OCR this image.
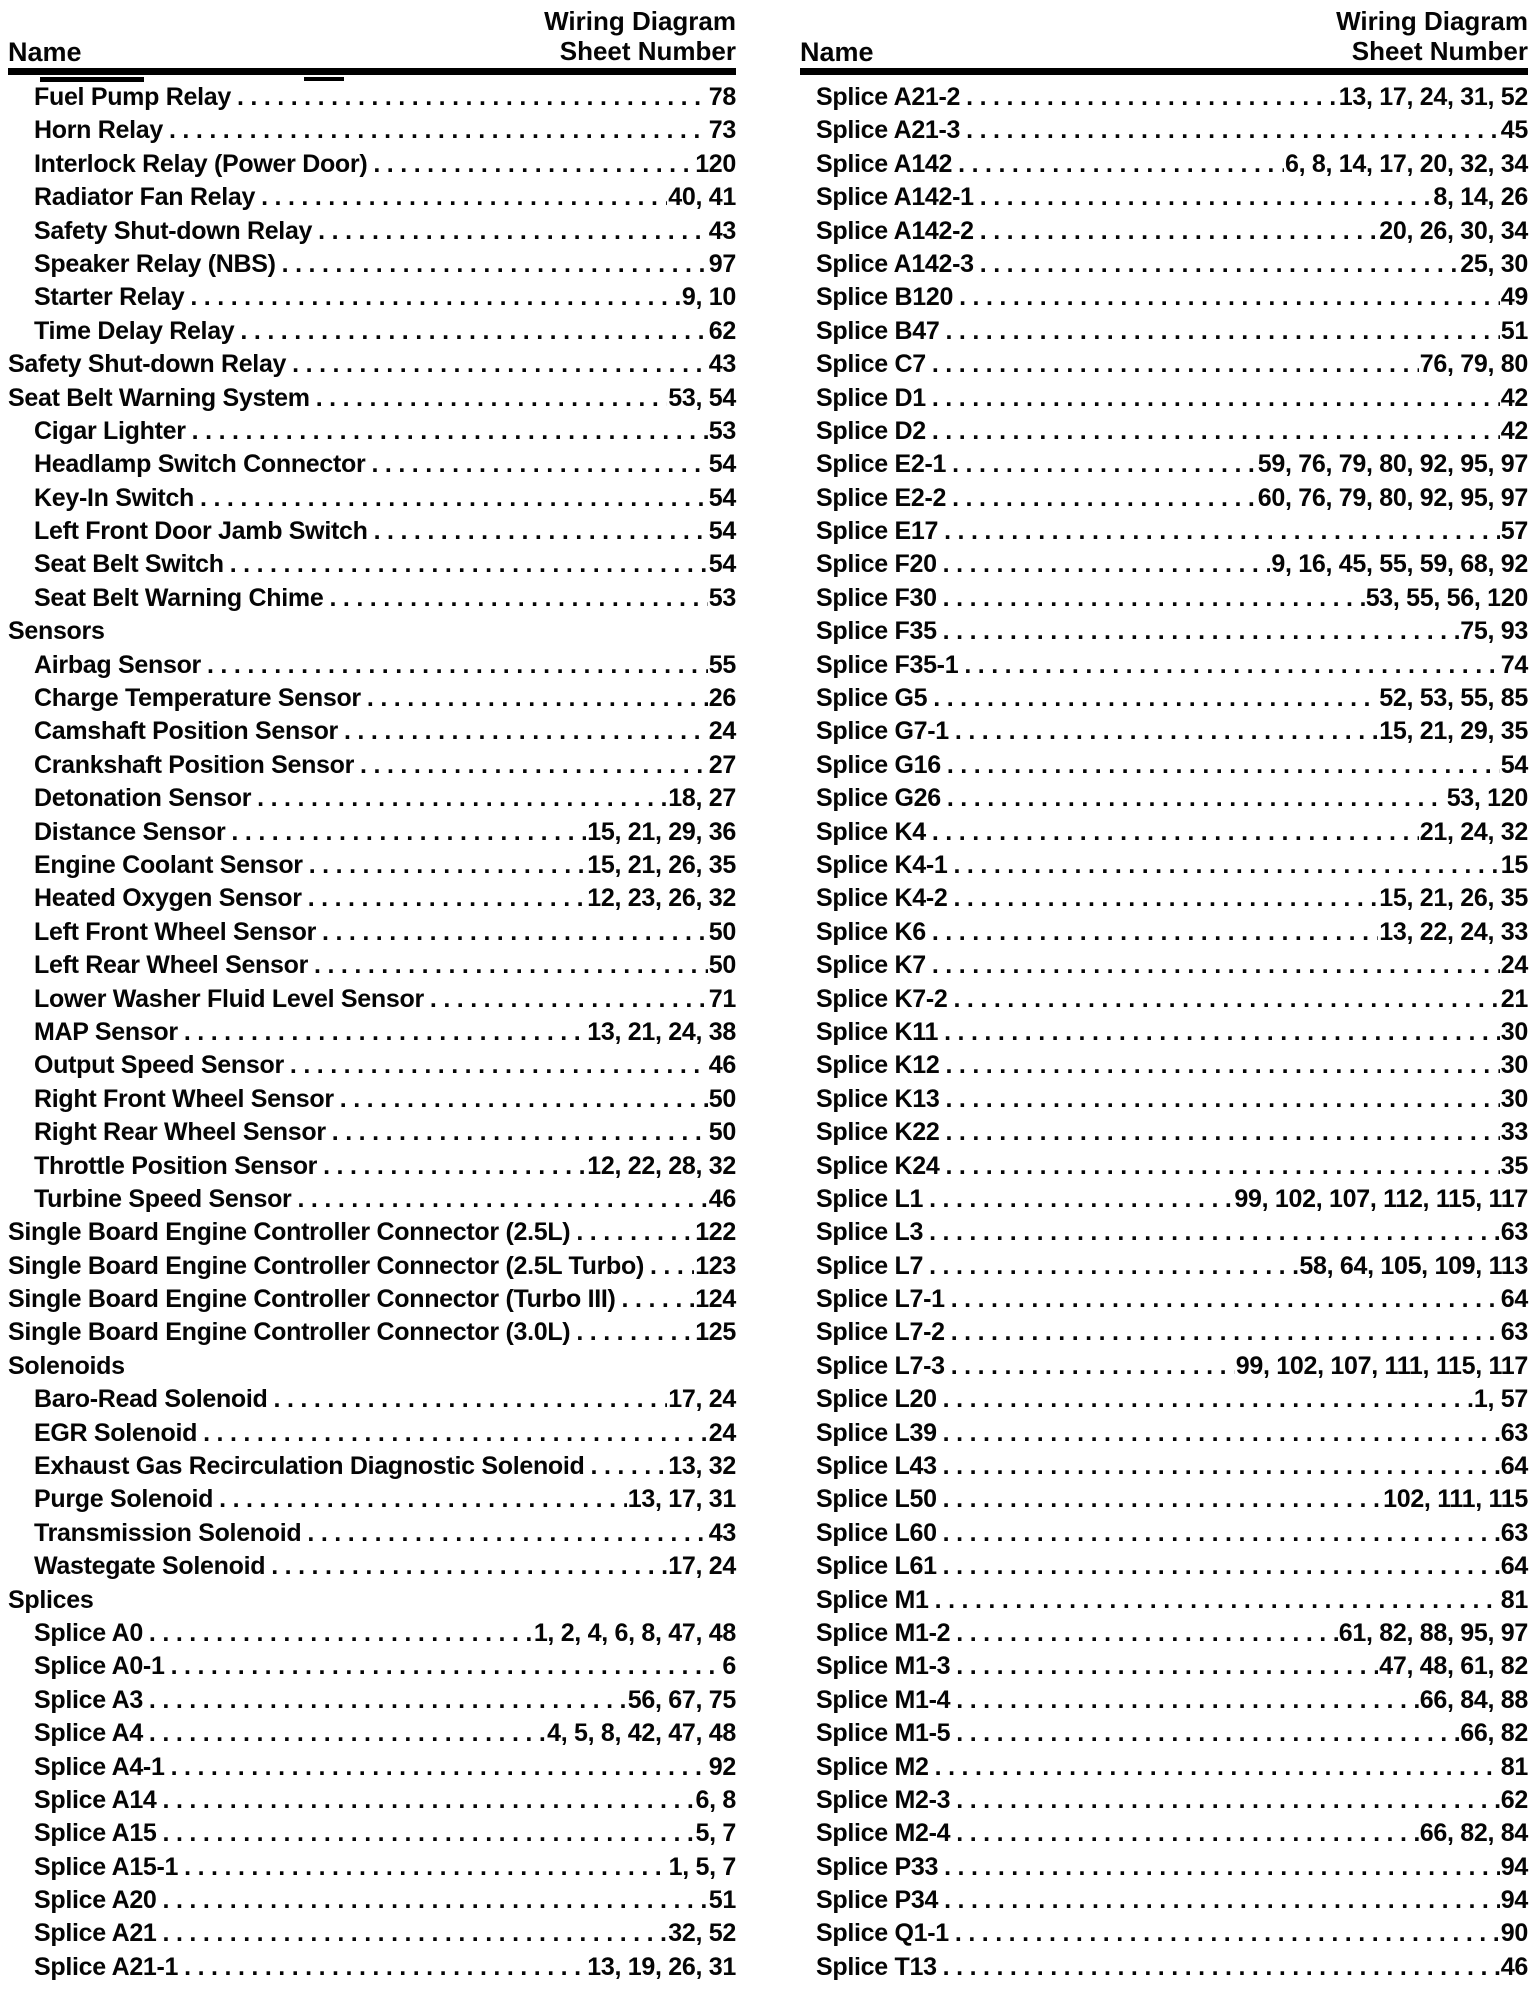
Name
Wiring Diagram
Sheet Number
Fuel Pump Relay .....	78
Horn Relay .....	73
Interlock Relay (Power Door) .....	120
Radiator Fan Relay .....	40, 41
Safety Shut-down Relay .....	43
Speaker Relay (NBS) .....	97
Starter Relay .....	9, 10
Time Delay Relay .....	62
Safety Shut-down Relay .....	43
Seat Belt Warning System .....	53, 54
Cigar Lighter .....	53
Headlamp Switch Connector .....	54
Key-In Switch .....	54
Left Front Door Jamb Switch .....	54
Seat Belt Switch .....	54
Seat Belt Warning Chime .....	53
Sensors
Airbag Sensor .....	55
Charge Temperature Sensor .....	26
Camshaft Position Sensor .....	24
Crankshaft Position Sensor .....	27
Detonation Sensor .....	18, 27
Distance Sensor .....	15, 21, 29, 36
Engine Coolant Sensor .....	15, 21, 26, 35
Heated Oxygen Sensor .....	12, 23, 26, 32
Left Front Wheel Sensor .....	50
Left Rear Wheel Sensor .....	50
Lower Washer Fluid Level Sensor .....	71
MAP Sensor .....	13, 21, 24, 38
Output Speed Sensor .....	46
Right Front Wheel Sensor .....	50
Right Rear Wheel Sensor .....	50
Throttle Position Sensor .....	12, 22, 28, 32
Turbine Speed Sensor .....	46
Single Board Engine Controller Connector (2.5L) .....	122
Single Board Engine Controller Connector (2.5L Turbo) ..... 123
Single Board Engine Controller Connector (Turbo III) .....	124
Single Board Engine Controller Connector (3.0L) .....	125
Solenoids
Baro-Read Solenoid .....	17, 24
EGR Solenoid .....	24
Exhaust Gas Recirculation Diagnostic Solenoid .....	13, 32
Purge Solenoid .....	13, 17, 31
Transmission Solenoid .....	43
Wastegate Solenoid .....	17, 24
Splices
Splice A0 .....	1, 2, 4, 6, 8, 47, 48
Splice A0-1 .....	6
Splice A3 .....	56, 67, 75
Splice A4 .....	4, 5, 8, 42, 47, 48
Splice A4-1 .....	92
Splice A14 .....	6, 8
Splice A15 .....	5, 7
Splice A15-1 .....	1, 5, 7
Splice A20 .....	51
Splice A21 .....	32, 52
Splice A21-1 .....	13, 19, 26, 31
Name
Wiring Diagram
Sheet Number
Splice A21-2 .....	13, 17, 24, 31, 52
Splice A21-3 .....	45
Splice A142 .....	6, 8, 14, 17, 20, 32, 34
Splice A142-1 .....	8, 14, 26
Splice A142-2 .....	20, 26, 30, 34
Splice A142-3 .....	25, 30
Splice B120 .....	49
Splice B47 .....	51
Splice C7 .....	76, 79, 80
Splice D1 .....	42
Splice D2 .....	42
Splice E2-1 .....	59, 76, 79, 80, 92, 95, 97
Splice E2-2 .....	60, 76, 79, 80, 92, 95, 97
Splice E17 .....	57
Splice F20 .....	9, 16, 45, 55, 59, 68, 92
Splice F30 .....	53, 55, 56, 120
Splice F35 .....	75, 93
Splice F35-1 .....	74
Splice G5 .....	52, 53, 55, 85
Splice G7-1 .....	15, 21, 29, 35
Splice G16 .....	54
Splice G26 .....	53, 120
Splice K4 .....	21, 24, 32
Splice K4-1 .....	15
Splice K4-2 .....	15, 21, 26, 35
Splice K6 .....	13, 22, 24, 33
Splice K7 .....	24
Splice K7-2 .....	21
Splice K11 .....	30
Splice K12 .....	30
Splice K13 .....	30
Splice K22 .....	33
Splice K24 .....	35
Splice L1 .....	99, 102, 107, 112, 115, 117
Splice L3 .....	63
Splice L7 .....	58, 64, 105, 109, 113
Splice L7-1 .....	64
Splice L7-2 .....	63
Splice L7-3 .....	99, 102, 107, 111, 115, 117
Splice L20 .....	1, 57
Splice L39 .....	63
Splice L43 .....	64
Splice L50 .....	102, 111, 115
Splice L60 .....	63
Splice L61 .....	64
Splice M1 .....	81
Splice M1-2 .....	61, 82, 88, 95, 97
Splice M1-3 .....	47, 48, 61, 82
Splice M1-4 .....	66, 84, 88
Splice M1-5 .....	66, 82
Splice M2 .....	81
Splice M2-3 .....	62
Splice M2-4 .....	66, 82, 84
Splice P33 .....	94
Splice P34 .....	94
Splice Q1-1 .....	90
Splice T13 .....	46
